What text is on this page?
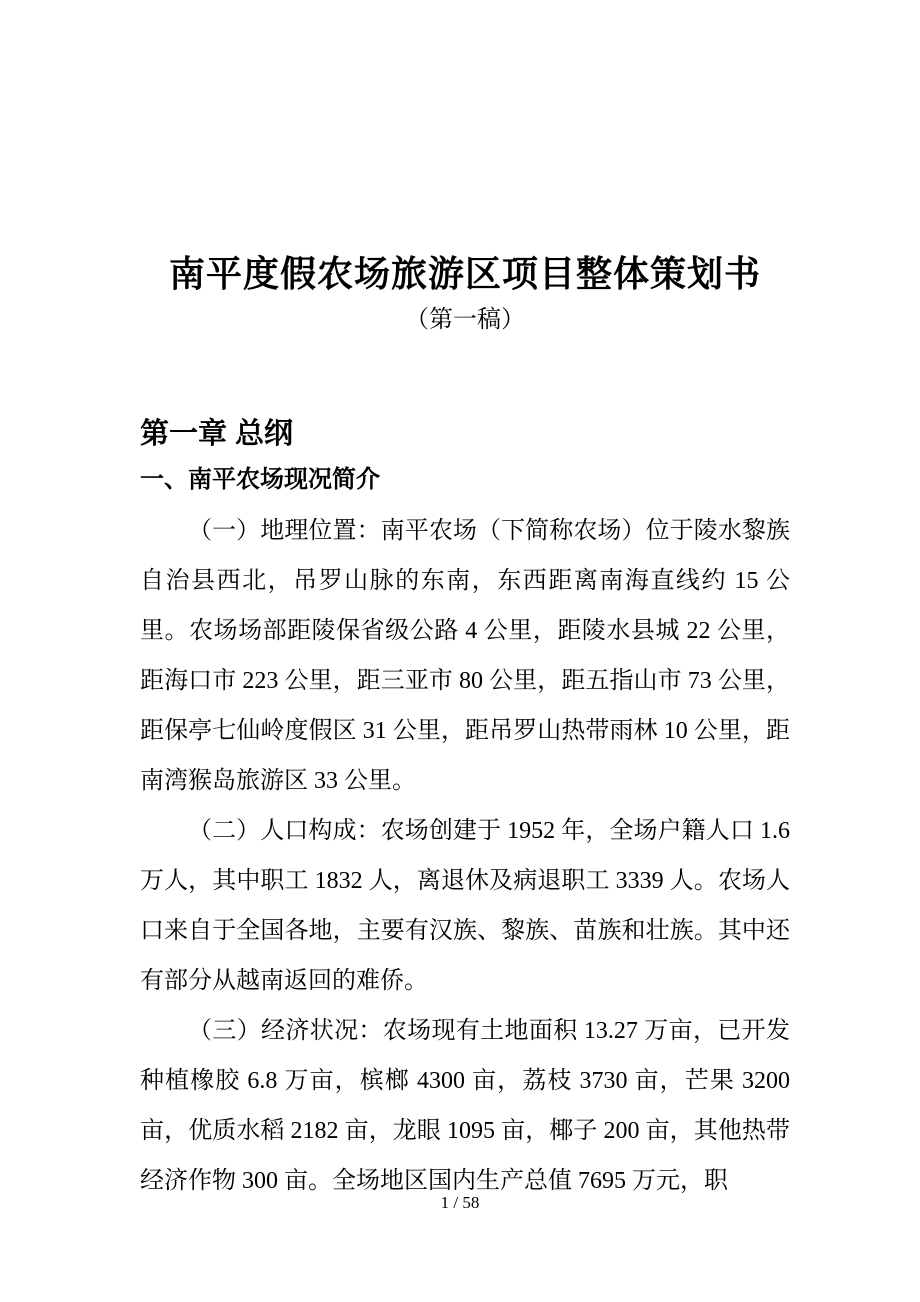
南平度假农场旅游区项目整体策划书
（第一稿）
第一章 总纲
一、南平农场现况简介

（一）地理位置：南平农场（下简称农场）位于陵水黎族自治县西北，吊罗山脉的东南，东西距离南海直线约 15 公里。农场场部距陵保省级公路 4 公里，距陵水县城 22 公里，距海口市 223 公里，距三亚市 80 公里，距五指山市 73 公里，距保亭七仙岭度假区 31 公里，距吊罗山热带雨林 10 公里，距南湾猴岛旅游区 33 公里。

（二）人口构成：农场创建于 1952 年，全场户籍人口 1.6 万人，其中职工 1832 人，离退休及病退职工 3339 人。农场人口来自于全国各地，主要有汉族、黎族、苗族和壮族。其中还有部分从越南返回的难侨。

（三）经济状况：农场现有土地面积 13.27 万亩，已开发种植橡胶 6.8 万亩，槟榔 4300 亩，荔枝 3730 亩，芒果 3200 亩，优质水稻 2182 亩，龙眼 1095 亩，椰子 200 亩，其他热带经济作物 300 亩。全场地区国内生产总值 7695 万元，职

1 / 58
